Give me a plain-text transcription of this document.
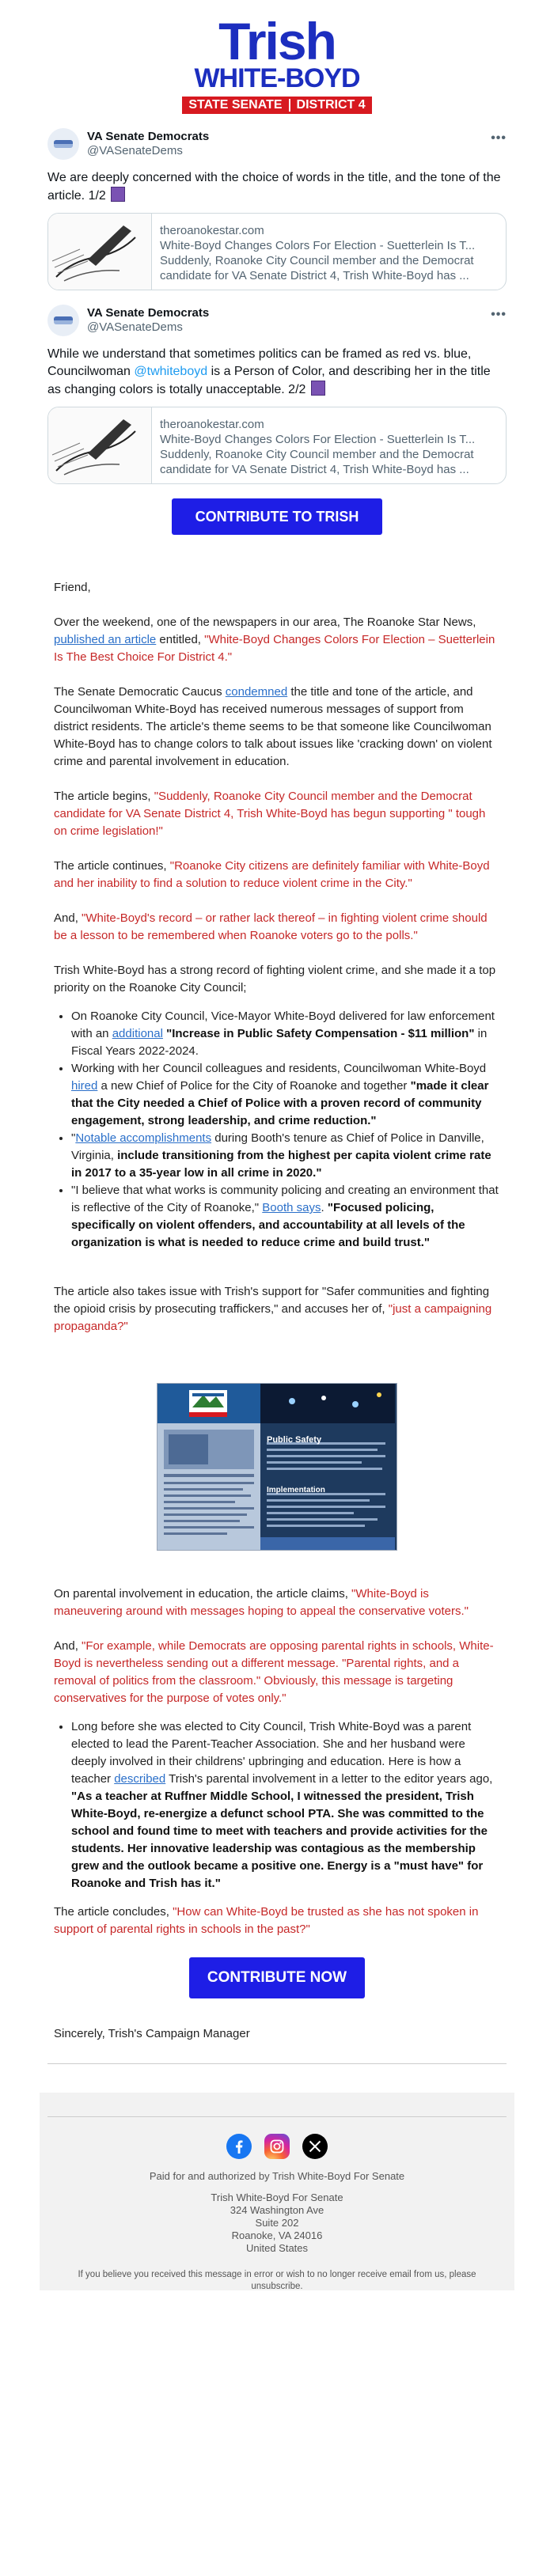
Trish
WHITE-BOYD
STATE SENATE DISTRICT 4
VA Senate Democrats
@VASenateDems
•••

We are deeply concerned with the choice of words in the title, and the tone of the article. 1/2

theroanokestar.com
White-Boyd Changes Colors For Election - Suetterlein Is T...
Suddenly, Roanoke City Council member and the Democrat candidate for VA Senate District 4, Trish White-Boyd has ...
VA Senate Democrats
@VASenateDems
•••

While we understand that sometimes politics can be framed as red vs. blue, Councilwoman @twhiteboyd is a Person of Color, and describing her in the title as changing colors is totally unacceptable. 2/2

theroanokestar.com
White-Boyd Changes Colors For Election - Suetterlein Is T...
Suddenly, Roanoke City Council member and the Democrat candidate for VA Senate District 4, Trish White-Boyd has ...
CONTRIBUTE TO TRISH

Friend,

Over the weekend, one of the newspapers in our area, The Roanoke Star News, published an article entitled, "White-Boyd Changes Colors For Election – Suetterlein Is The Best Choice For District 4."

The Senate Democratic Caucus condemned the title and tone of the article, and Councilwoman White-Boyd has received numerous messages of support from district residents. The article's theme seems to be that someone like Councilwoman White-Boyd has to change colors to talk about issues like 'cracking down' on violent crime and parental involvement in education.

The article begins, "Suddenly, Roanoke City Council member and the Democrat candidate for VA Senate District 4, Trish White-Boyd has begun supporting " tough on crime legislation!"

The article continues, "Roanoke City citizens are definitely familiar with White-Boyd and her inability to find a solution to reduce violent crime in the City."

And, "White-Boyd's record – or rather lack thereof – in fighting violent crime should be a lesson to be remembered when Roanoke voters go to the polls."

Trish White-Boyd has a strong record of fighting violent crime, and she made it a top priority on the Roanoke City Council;

• On Roanoke City Council, Vice-Mayor White-Boyd delivered for law enforcement with an additional "Increase in Public Safety Compensation - $11 million" in Fiscal Years 2022-2024.
• Working with her Council colleagues and residents, Councilwoman White-Boyd hired a new Chief of Police for the City of Roanoke and together "made it clear that the City needed a Chief of Police with a proven record of community engagement, strong leadership, and crime reduction."
• "Notable accomplishments during Booth's tenure as Chief of Police in Danville, Virginia, include transitioning from the highest per capita violent crime rate in 2017 to a 35-year low in all crime in 2020."
• "I believe that what works is community policing and creating an environment that is reflective of the City of Roanoke," Booth says. "Focused policing, specifically on violent offenders, and accountability at all levels of the organization is what is needed to reduce crime and build trust."

The article also takes issue with Trish's support for "Safer communities and fighting the opioid crisis by prosecuting traffickers," and accuses her of, "just a campaigning propaganda?"

Public Safety
Implementation

On parental involvement in education, the article claims, "White-Boyd is maneuvering around with messages hoping to appeal the conservative voters."

And, "For example, while Democrats are opposing parental rights in schools, White-Boyd is nevertheless sending out a different message. "Parental rights, and a removal of politics from the classroom." Obviously, this message is targeting conservatives for the purpose of votes only."

• Long before she was elected to City Council, Trish White-Boyd was a parent elected to lead the Parent-Teacher Association. She and her husband were deeply involved in their childrens' upbringing and education. Here is how a teacher described Trish's parental involvement in a letter to the editor years ago, "As a teacher at Ruffner Middle School, I witnessed the president, Trish White-Boyd, re-energize a defunct school PTA. She was committed to the school and found time to meet with teachers and provide activities for the students. Her innovative leadership was contagious as the membership grew and the outlook became a positive one. Energy is a "must have" for Roanoke and Trish has it."

The article concludes, "How can White-Boyd be trusted as she has not spoken in support of parental rights in schools in the past?"

CONTRIBUTE NOW

Sincerely, Trish's Campaign Manager

Paid for and authorized by Trish White-Boyd For Senate
Trish White-Boyd For Senate
324 Washington Ave
Suite 202
Roanoke, VA 24016
United States
If you believe you received this message in error or wish to no longer receive email from us, please unsubscribe.
